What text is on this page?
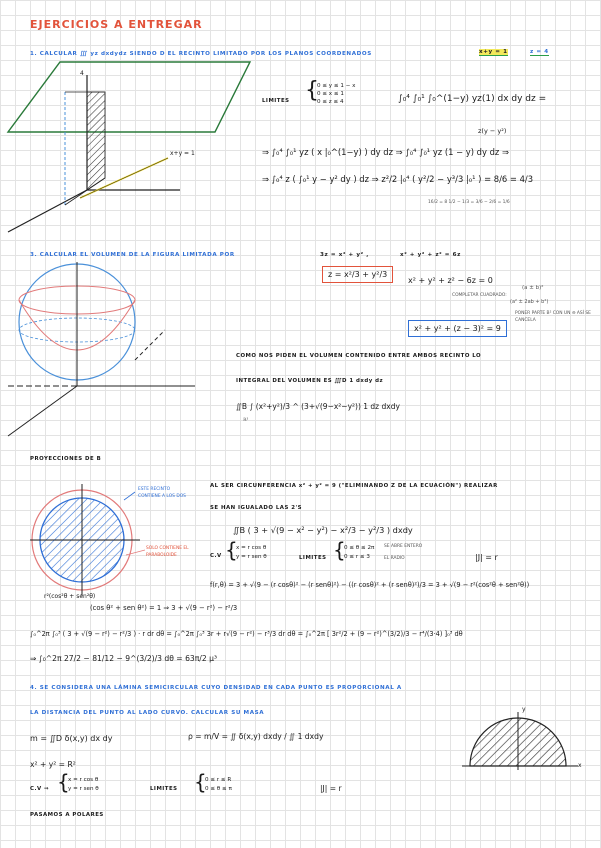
EJERCICIOS A ENTREGAR
1. CALCULAR ∭ yz dxdydz SIENDO D EL RECINTO LIMITADO POR LOS PLANOS COORDENADOS	x+y = 1	z = 4
4
x+y = 1
LIMITES {
0 ≤ y ≤ 1 − x
0 ≤ x ≤ 1
0 ≤ z ≤ 4	∫₀⁴ ∫₀¹ ∫₀^(1−y) yz(1) dx dy dz =
z(y − y²)
⇒ ∫₀⁴ ∫₀¹ yz ( x |₀^(1−y) ) dy dz ⇒ ∫₀⁴ ∫₀¹ yz (1 − y) dy dz ⇒
⇒ ∫₀⁴ z ( ∫₀¹ y − y² dy ) dz ⇒ z²/2 |₀⁴ ( y²/2 − y³/3 |₀¹ ) = 8/6 = 4/3
16/2 = 8 1/2 − 1/3 = 3/6 − 2/6 = 1/6
3. CALCULAR EL VOLUMEN DE LA FIGURA LIMITADA POR	3z = x² + y² ,	x² + y² + z² = 6z
z = x²/3 + y²/3
x² + y² + z² − 6z = 0
(a ± b)²
COMPLETAR CUADRADO:
(a² ± 2ab + b²)
PONER PARTE B² CON UN ⊖ ASÍ SE CANCELA
x² + y² + (z − 3)² = 9
COMO NOS PIDEN EL VOLUMEN CONTENIDO ENTRE AMBOS RECINTO LO
INTEGRAL DEL VOLUMEN ES ∭D 1 dxdy dz
∬B ∫ (x²+y²)/3 ^ (3+√(9−x²−y²)) 1 dz dxdy
ℝ³
PROYECCIONES DE B
ESTE RECINTO CONTIENE A LOS DOS
SOLO CONTIENE EL PARABOLOIDE
AL SER CIRCUNFERENCIA x² + y² = 9 ("ELIMINANDO Z DE LA ECUACIÓN") REALIZAR
SE HAN IGUALADO LAS 2'S
∬B ( 3 + √(9 − x² − y²) − x²/3 − y²/3 ) dxdy
C.V {
x = r cos θ
y = r sen θ	LIMITES {
0 ≤ θ ≤ 2π
0 ≤ r ≤ 3
SE ABRE ENTERO
EL RADIO	|J| = r
f(r,θ) = 3 + √(9 − (r cosθ)² − (r senθ)²) − ((r cosθ)² + (r senθ)²)/3 = 3 + √(9 − r²(cos²θ + sen²θ))
r²(cos²θ + sen²θ)
(cos θ² + sen θ²) = 1 ⇒ 3 + √(9 − r²) − r²/3
∫₀^2π ∫₀³ ( 3 + √(9 − r²) − r²/3 ) · r dr dθ = ∫₀^2π ∫₀³ 3r + r√(9 − r²) − r³/3 dr dθ = ∫₀^2π [ 3r²/2 + (9 − r²)^(3/2)/3 − r⁴/(3·4) ]₀³ dθ
⇒ ∫₀^2π 27/2 − 81/12 − 9^(3/2)/3 dθ = 63π/2 μ³
4. SE CONSIDERA UNA LÁMINA SEMICIRCULAR CUYO DENSIDAD EN CADA PUNTO ES PROPORCIONAL A
LA DISTANCIA DEL PUNTO AL LADO CURVO. CALCULAR SU MASA
m = ∬D δ(x,y) dx dy	ρ = m/V = ∬ δ(x,y) dxdy / ∬ 1 dxdy
x² + y² = R²
C.V ⇒ {
x = r cos θ
y = r sen θ	LIMITES {
0 ≤ r ≤ R
0 ≤ θ ≤ π	|J| = r
PASAMOS A POLARES
y
x
